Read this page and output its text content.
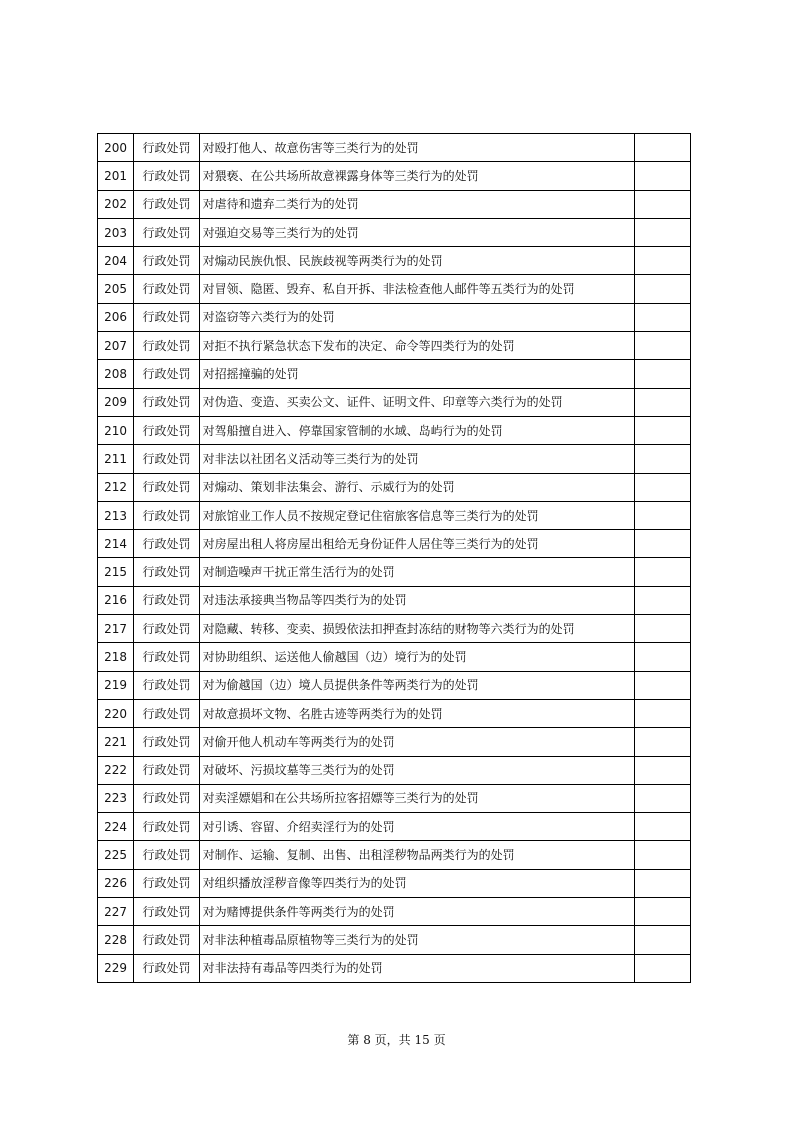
200	行政处罚	对殴打他人、故意伤害等三类行为的处罚	
201	行政处罚	对猥亵、在公共场所故意裸露身体等三类行为的处罚	
202	行政处罚	对虐待和遗弃二类行为的处罚	
203	行政处罚	对强迫交易等三类行为的处罚	
204	行政处罚	对煽动民族仇恨、民族歧视等两类行为的处罚	
205	行政处罚	对冒领、隐匿、毁弃、私自开拆、非法检查他人邮件等五类行为的处罚	
206	行政处罚	对盗窃等六类行为的处罚	
207	行政处罚	对拒不执行紧急状态下发布的决定、命令等四类行为的处罚	
208	行政处罚	对招摇撞骗的处罚	
209	行政处罚	对伪造、变造、买卖公文、证件、证明文件、印章等六类行为的处罚	
210	行政处罚	对驾船擅自进入、停靠国家管制的水域、岛屿行为的处罚	
211	行政处罚	对非法以社团名义活动等三类行为的处罚	
212	行政处罚	对煽动、策划非法集会、游行、示威行为的处罚	
213	行政处罚	对旅馆业工作人员不按规定登记住宿旅客信息等三类行为的处罚	
214	行政处罚	对房屋出租人将房屋出租给无身份证件人居住等三类行为的处罚	
215	行政处罚	对制造噪声干扰正常生活行为的处罚	
216	行政处罚	对违法承接典当物品等四类行为的处罚	
217	行政处罚	对隐藏、转移、变卖、损毁依法扣押查封冻结的财物等六类行为的处罚	
218	行政处罚	对协助组织、运送他人偷越国（边）境行为的处罚	
219	行政处罚	对为偷越国（边）境人员提供条件等两类行为的处罚	
220	行政处罚	对故意损坏文物、名胜古迹等两类行为的处罚	
221	行政处罚	对偷开他人机动车等两类行为的处罚	
222	行政处罚	对破坏、污损坟墓等三类行为的处罚	
223	行政处罚	对卖淫嫖娼和在公共场所拉客招嫖等三类行为的处罚	
224	行政处罚	对引诱、容留、介绍卖淫行为的处罚	
225	行政处罚	对制作、运输、复制、出售、出租淫秽物品两类行为的处罚	
226	行政处罚	对组织播放淫秽音像等四类行为的处罚	
227	行政处罚	对为赌博提供条件等两类行为的处罚	
228	行政处罚	对非法种植毒品原植物等三类行为的处罚	
229	行政处罚	对非法持有毒品等四类行为的处罚	
第 8 页，共 15 页
